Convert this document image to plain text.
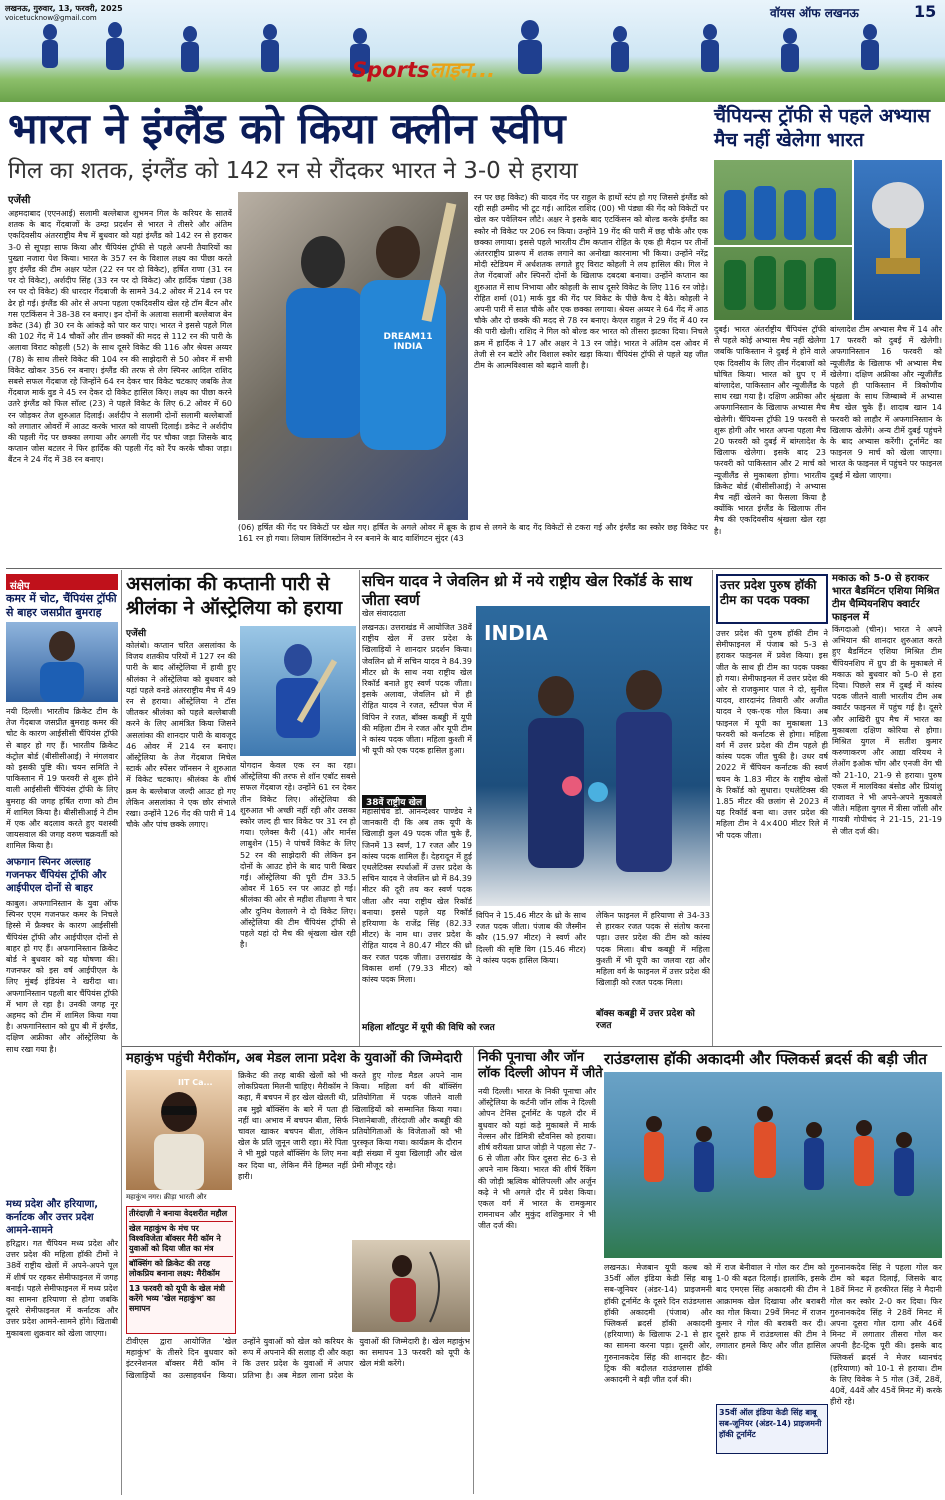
लखनऊ, गुरुवार, 13, फरवरी, 2025
voicetucknow@gmail.com	वॉयस ऑफ लखनऊ	15
Sportsलाइन...
भारत ने इंग्लैंड को किया क्लीन स्वीप
गिल का शतक, इंग्लैंड को 142 रन से रौंदकर भारत ने 3-0 से हराया
एजेंसी
अहमदाबाद (एएनआई) सलामी बल्लेबाज शुभमन गिल के करियर के सातवें शतक के बाद गेंदबाजों के उम्दा प्रदर्शन से भारत ने तीसरे और अंतिम एकदिवसीय अंतरराष्ट्रीय मैच में बुधवार को यहां इंग्लैंड को 142 रन से हराकर 3-0 से सूपड़ा साफ किया और चैंपियंस ट्रॉफी से पहले अपनी तैयारियों का पुख्ता नजारा पेश किया। भारत के 357 रन के विशाल लक्ष्य का पीछा करते हुए इंग्लैंड की टीम अक्षर पटेल (22 रन पर दो विकेट), हर्षित राणा (31 रन पर दो विकेट), अर्शदीप सिंह (33 रन पर दो विकेट) और हार्दिक पंड्या (38 रन पर दो विकेट) की धारदार गेंदबाजी के सामने 34.2 ओवर में 214 रन पर ढेर हो गई। इंग्लैंड की ओर से अपना पहला एकदिवसीय खेल रहे टॉम बैंटन और गस एटकिंसन ने 38-38 रन बनाए। इन दोनों के अलावा सलामी बल्लेबाज बेन डकेट (34) ही 30 रन के आंकड़े को पार कर पाए। भारत ने इससे पहले गिल की 102 गेंद में 14 चौकों और तीन छक्कों की मदद से 112 रन की पारी के अलावा विराट कोहली (52) के साथ दूसरे विकेट की 116 और श्रेयस अय्यर (78) के साथ तीसरे विकेट की 104 रन की साझेदारी से 50 ओवर में सभी विकेट खोकर 356 रन बनाए। इंग्लैंड की तरफ से लेग स्पिनर आदिल राशिद सबसे सफल गेंदबाज रहे जिन्होंने 64 रन देकर चार विकेट चटकाए जबकि तेज गेंदबाज मार्क वुड ने 45 रन देकर दो विकेट हासिल किए। लक्ष्य का पीछा करने उतरे इंग्लैंड को फिल सॉल्ट (23) ने पहले विकेट के लिए 6.2 ओवर में 60 रन जोड़कर तेज शुरुआत दिलाई। अर्शदीप ने सलामी दोनों सलामी बल्लेबाजों को लगातार ओवरों में आउट करके भारत को वापसी दिलाई। डकेट ने अर्शदीप की पहली गेंद पर छक्का लगाया और अगली गेंद पर चौका जड़ा जिसके बाद कप्तान जोस बटलर ने फिर हार्दिक की पहली गेंद को रैंप करके चौका जड़ा। बैंटन ने 24 गेंद में 38 रन बनाए।
DREAM11 INDIA
(06) हर्षित की गेंद पर विकेटों पर खेल गए। हर्षित के अगले ओवर में ब्रूक के हाथ से लगने के बाद गेंद विकेटों से टकरा गई और इंग्लैंड का स्कोर छह विकेट पर 161 रन हो गया। लियाम लिविंगस्टोन ने रन बनाने के बाद वाशिंगटन सुंदर (43
रन पर छह विकेट) की यादव गेंद पर राहुल के हाथों स्टंप हो गए जिससे इंग्लैंड को रही सही उम्मीद भी टूट गई। आदिल राशिद (00) भी पंड्या की गेंद को विकेटों पर खेल कर पवेलियन लौटे। अक्षर ने इसके बाद एटकिंसन को बोल्ड करके इंग्लैंड का स्कोर नौ विकेट पर 206 रन किया। उन्होंने 19 गेंद की पारी में छह चौके और एक छक्का लगाया। इससे पहले भारतीय टीम कप्तान रोहित के एक ही मैदान पर तीनों अंतरराष्ट्रीय प्रारूप में शतक लगाने का अनोखा कारनामा भी किया। उन्होंने नरेंद्र मोदी स्टेडियम में अर्धशतक लगाते हुए विराट कोहली ने लय हासिल की। गिल ने तेज गेंदबाजों और स्पिनरों दोनों के खिलाफ दबदबा बनाया। उन्होंने कप्तान का शुरुआत में साथ निभाया और कोहली के साथ दूसरे विकेट के लिए 116 रन जोड़े। रोहित शर्मा (01) मार्क वुड की गेंद पर विकेट के पीछे कैच दे बैठे। कोहली ने अपनी पारी में सात चौके और एक छक्का लगाया। श्रेयस अय्यर ने 64 गेंद में आठ चौके और दो छक्के की मदद से 78 रन बनाए। केएल राहुल ने 29 गेंद में 40 रन की पारी खेली। राशिद ने गिल को बोल्ड कर भारत को तीसरा झटका दिया। निचले क्रम में हार्दिक ने 17 और अक्षर ने 13 रन जोड़े। भारत ने अंतिम दस ओवर में तेजी से रन बटोरे और विशाल स्कोर खड़ा किया। चैंपियंस ट्रॉफी से पहले यह जीत टीम के आत्मविश्वास को बढ़ाने वाली है।
चैंपियन्स ट्रॉफी से पहले अभ्यास
मैच नहीं खेलेगा भारत
दुबई। भारत अंतर्राष्ट्रीय चैंपियंस ट्रॉफी से पहले कोई अभ्यास मैच नहीं खेलेगा जबकि पाकिस्तान ने दुबई मे होने वाले एक दिवसीय के लिए तीन गेंदबाजों को घोषित किया। भारत को ग्रुप ए में बांग्लादेश, पाकिस्तान और न्यूजीलैंड के साथ रखा गया है। दक्षिण अफ्रीका और अफगानिस्तान के खिलाफ अभ्यास मैच खेलेगी। चैंपियन्स ट्रॉफी 19 फरवरी से शुरू होगी और भारत अपना पहला मैच 20 फरवरी को दुबई में बांग्लादेश के खिलाफ खेलेगा। इसके बाद 23 फरवरी को पाकिस्तान और 2 मार्च को न्यूजीलैंड से मुकाबला होगा। भारतीय क्रिकेट बोर्ड (बीसीसीआई) ने अभ्यास मैच नहीं खेलने का फैसला किया है क्योंकि भारत इंग्लैंड के खिलाफ तीन मैच की एकदिवसीय श्रृंखला खेल रहा है।
बांग्लादेश टीम अभ्यास मैच में 14 और 17 फरवरी को दुबई में खेलेगी। अफगानिस्तान 16 फरवरी को न्यूजीलैंड के खिलाफ भी अभ्यास मैच खेलेगा। दक्षिण अफ्रीका और न्यूजीलैंड पहले ही पाकिस्तान में त्रिकोणीय श्रृंखला के साथ जिम्बाब्वे में अभ्यास मैच खेल चुके हैं। शादाब खान 14 फरवरी को लाहौर में अफगानिस्तान के खिलाफ खेलेंगे। अन्य टीमें दुबई पहुंचने के बाद अभ्यास करेंगी। टूर्नामेंट का फाइनल 9 मार्च को खेला जाएगा। भारत के फाइनल में पहुंचने पर फाइनल दुबई में खेला जाएगा।
संक्षेप
कमर में चोट, चैंपियंस ट्रॉफी से बाहर जसप्रीत बुमराह
नयी दिल्ली। भारतीय क्रिकेट टीम के तेज गेंदबाज जसप्रीत बुमराह कमर की चोट के कारण आईसीसी चैंपियंस ट्रॉफी से बाहर हो गए हैं। भारतीय क्रिकेट कंट्रोल बोर्ड (बीसीसीआई) ने मंगलवार को इसकी पुष्टि की। चयन समिति ने पाकिस्तान में 19 फरवरी से शुरू होने वाली आईसीसी चैंपियंस ट्रॉफी के लिए बुमराह की जगह हर्षित राणा को टीम में शामिल किया है। बीसीसीआई ने टीम में एक और बदलाव करते हुए यशस्वी जायसवाल की जगह वरुण चक्रवर्ती को शामिल किया है।
अफगान स्पिनर अल्लाह गजनफर चैंपियंस ट्रॉफी और आईपीएल दोनों से बाहर
काबुल। अफगानिस्तान के युवा ऑफ स्पिनर एएम गजनफर कमर के निचले हिस्से में फ्रैक्चर के कारण आईसीसी चैंपियंस ट्रॉफी और आईपीएल दोनों से बाहर हो गए हैं। अफगानिस्तान क्रिकेट बोर्ड ने बुधवार को यह घोषणा की। गजनफर को इस वर्ष आईपीएल के लिए मुंबई इंडियंस ने खरीदा था। अफगानिस्तान पहली बार चैंपियंस ट्रॉफी में भाग ले रहा है। उनकी जगह नूर अहमद को टीम में शामिल किया गया है। अफगानिस्तान को ग्रुप बी में इंग्लैंड, दक्षिण अफ्रीका और ऑस्ट्रेलिया के साथ रखा गया है।
मध्य प्रदेश और हरियाणा, कर्नाटक और उत्तर प्रदेश आमने-सामने
हरिद्वार। गत चैंपियन मध्य प्रदेश और उत्तर प्रदेश की महिला हॉकी टीमों ने 38वें राष्ट्रीय खेलों में अपने-अपने पूल में शीर्ष पर रहकर सेमीफाइनल में जगह बनाई। पहले सेमीफाइनल में मध्य प्रदेश का सामना हरियाणा से होगा जबकि दूसरे सेमीफाइनल में कर्नाटक और उत्तर प्रदेश आमने-सामने होंगे। खिताबी मुकाबला शुक्रवार को खेला जाएगा।
असलांका की कप्तानी पारी से
श्रीलंका ने ऑस्ट्रेलिया को हराया
एजेंसी
कोलंबो। कप्तान चरित असलांका के विजय शतकीय परियों में 127 रन की पारी के बाद ऑस्ट्रेलिया में हावी हुए श्रीलंका ने ऑस्ट्रेलिया को बुधवार को यहां पहले वनडे अंतरराष्ट्रीय मैच में 49 रन से हराया। ऑस्ट्रेलिया ने टॉस जीतकर श्रीलंका को पहले बल्लेबाजी करने के लिए आमंत्रित किया जिसने असलांका की शानदार पारी के बावजूद 46 ओवर में 214 रन बनाए। ऑस्ट्रेलिया के तेज गेंदबाज मिचेल स्टार्क और स्पेंसर जॉनसन ने शुरुआत में विकेट चटकाए। श्रीलंका के शीर्ष क्रम के बल्लेबाज जल्दी आउट हो गए लेकिन असलांका ने एक छोर संभाले रखा। उन्होंने 126 गेंद की पारी में 14 चौके और पांच छक्के लगाए।
योगदान केवल एक रन का रहा। ऑस्ट्रेलिया की तरफ से शॉन एबॉट सबसे सफल गेंदबाज रहे। उन्होंने 61 रन देकर तीन विकेट लिए। ऑस्ट्रेलिया की शुरुआत भी अच्छी नहीं रही और उसका स्कोर जल्द ही चार विकेट पर 31 रन हो गया। एलेक्स कैरी (41) और मार्नस लाबुशेन (15) ने पांचवें विकेट के लिए 52 रन की साझेदारी की लेकिन इन दोनों के आउट होने के बाद पारी बिखर गई। ऑस्ट्रेलिया की पूरी टीम 33.5 ओवर में 165 रन पर आउट हो गई। श्रीलंका की ओर से महीश तीक्षणा ने चार और दुनिथ वेलालगे ने दो विकेट लिए। ऑस्ट्रेलिया की टीम चैंपियंस ट्रॉफी से पहले यहां दो मैच की श्रृंखला खेल रही है।
सचिन यादव ने जेवलिन थ्रो में नये राष्ट्रीय खेल रिकॉर्ड के साथ जीता स्वर्ण
खेल संवाददाता
लखनऊ। उत्तराखंड में आयोजित 38वें राष्ट्रीय खेल में उत्तर प्रदेश के खिलाड़ियों ने शानदार प्रदर्शन किया। जेवलिन थ्रो में सचिन यादव ने 84.39 मीटर थ्रो के साथ नया राष्ट्रीय खेल रिकॉर्ड बनाते हुए स्वर्ण पदक जीता। इसके अलावा, जेवलिन थ्रो में ही रोहित यादव ने रजत, स्टीपल चेज में विपिन ने रजत, बॉक्स कबड्डी में यूपी की महिला टीम ने रजत और यूपी टीम ने कांस्य पदक जीता। महिला कुश्ती में भी यूपी को एक पदक हासिल हुआ।
38वें राष्ट्रीय खेल
महासचिव डॉ. आनन्देश्वर पाण्डेय ने जानकारी दी कि अब तक यूपी के खिलाड़ी कुल 49 पदक जीत चुके हैं, जिनमें 13 स्वर्ण, 17 रजत और 19 कांस्य पदक शामिल हैं। देहरादून में हुई एथलेटिक्स स्पर्धाओं में उत्तर प्रदेश के सचिन यादव ने जेवलिन थ्रो में 84.39 मीटर की दूरी तय कर स्वर्ण पदक जीता और नया राष्ट्रीय खेल रिकॉर्ड बनाया। इससे पहले यह रिकॉर्ड हरियाणा के राजेंद्र सिंह (82.33 मीटर) के नाम था। उत्तर प्रदेश के रोहित यादव ने 80.47 मीटर की थ्रो कर रजत पदक जीता। उत्तराखंड के विकास शर्मा (79.33 मीटर) को कांस्य पदक मिला।
महिला शॉटपुट में यूपी की विधि को रजत
INDIA
विपिन ने 15.46 मीटर के थ्रो के साथ रजत पदक जीता। पंजाब की जैस्मीन कौर (15.97 मीटर) ने स्वर्ण और दिल्ली की सृष्टि विग (15.46 मीटर) ने कांस्य पदक हासिल किया।
बॉक्स कबड्डी में उत्तर प्रदेश को रजत
लेकिन फाइनल में हरियाणा से 34-33 से हारकर रजत पदक से संतोष करना पड़ा। उत्तर प्रदेश की टीम को कांस्य पदक मिला। बीच कबड्डी में महिला कुश्ती में भी यूपी का जलवा रहा और महिला वर्ग के फाइनल में उत्तर प्रदेश की खिलाड़ी को रजत पदक मिला।
उत्तर प्रदेश पुरुष हॉकी
टीम का पदक पक्का
उत्तर प्रदेश की पुरुष हॉकी टीम ने सेमीफाइनल में पंजाब को 5-3 से हराकर फाइनल में प्रवेश किया। इस जीत के साथ ही टीम का पदक पक्का हो गया। सेमीफाइनल में उत्तर प्रदेश की ओर से राजकुमार पाल ने दो, सुनील यादव, शारदानंद तिवारी और अजीत यादव ने एक-एक गोल किया। अब फाइनल में यूपी का मुकाबला 13 फरवरी को कर्नाटक से होगा। महिला वर्ग में उत्तर प्रदेश की टीम पहले ही कांस्य पदक जीत चुकी है। उधर वर्ष 2022 में चैंपियन कर्नाटक की स्वर्ण चयन के 1.83 मीटर के राष्ट्रीय खेलों के रिकॉर्ड को सुधारा। एथलेटिक्स की 1.85 मीटर की छलांग से 2023 में यह रिकॉर्ड बना था। उत्तर प्रदेश की महिला टीम ने 4×400 मीटर रिले में भी पदक जीता।
मकाऊ को 5-0 से हराकर भारत बैडमिंटन एशिया मिश्रित टीम चैम्पियनशिप क्वार्टर फाइनल में
किंगदाओ (चीन)। भारत ने अपने अभियान की शानदार शुरुआत करते हुए बैडमिंटन एशिया मिश्रित टीम चैंपियनशिप में ग्रुप डी के मुकाबले में मकाऊ को बुधवार को 5-0 से हरा दिया। पिछले सत्र में दुबई में कांस्य पदक जीतने वाली भारतीय टीम अब क्वार्टर फाइनल में पहुंच गई है। दूसरे और आखिरी ग्रुप मैच में भारत का मुकाबला दक्षिण कोरिया से होगा। मिश्रित युगल में सतीश कुमार करुणाकरण और आद्या वरियथ ने लेओंग इओक चोंग और एनजी वेंग ची को 21-10, 21-9 से हराया। पुरुष एकल में मालविका बंसोड और प्रियांशु राजावत ने भी अपने-अपने मुकाबले जीते। महिला युगल में त्रीसा जॉली और गायत्री गोपीचंद ने 21-15, 21-19 से जीत दर्ज की।
महाकुंभ पहुंची मैरीकॉम, अब मेडल लाना प्रदेश के युवाओं की जिम्मेदारी
IIT Ca...
महाकुंभ नगर। क्रीड़ा भारती और
तीरंदाज़ी ने बनाया वेदशरीत महौल
खेल महाकुंभ के मंच पर विश्वविजेता बॉक्सर मैरी कॉम ने युवाओं को दिया जीत का मंत्र
बॉक्सिंग को क्रिकेट की तरह लोकप्रिय बनाना लक्ष्य: मैरीकॉम
13 फरवरी को यूपी के खेल मंत्री करेंगे भव्य 'खेल महाकुंभ' का समापन
क्रिकेट की तरह बाकी खेलों को भी लोकप्रियता मिलनी चाहिए। मैरीकॉम ने कहा, मैं बचपन में हर खेल खेलती थी, तब मुझे बॉक्सिंग के बारे में पता ही नहीं था। अभाव में बचपन बीता, सिर्फ चावल खाकर बचपन बीता, लेकिन खेल के प्रति जुनून जारी रहा। मेरे पिता ने भी मुझे पहले बॉक्सिंग के लिए मना कर दिया था, लेकिन मैंने हिम्मत नहीं हारी।
करते हुए गोल्ड मैडल अपने नाम किया। महिला वर्ग की बॉक्सिंग प्रतियोगिता में पदक जीतने वाली खिलाड़ियों को सम्मानित किया गया। निशानेबाजी, तीरंदाजी और कबड्डी की प्रतियोगिताओं के विजेताओं को भी पुरस्कृत किया गया। कार्यक्रम के दौरान बड़ी संख्या में युवा खिलाड़ी और खेल प्रेमी मौजूद रहे।
टीवीएस द्वारा आयोजित 'खेल महाकुंभ' के तीसरे दिन बुधवार को इंटरनेशनल बॉक्सर मैरी कॉम ने खिलाड़ियों का उत्साहवर्धन किया। उन्होंने युवाओं को खेल को करियर के रूप में अपनाने की सलाह दी और कहा कि उत्तर प्रदेश के युवाओं में अपार प्रतिभा है। अब मेडल लाना प्रदेश के युवाओं की जिम्मेदारी है। खेल महाकुंभ का समापन 13 फरवरी को यूपी के खेल मंत्री करेंगे।
निकी पूनाचा और जॉन
लॉक दिल्ली ओपन में जीते
नयी दिल्ली। भारत के निकी पूनाचा और ऑस्ट्रेलिया के कर्टनी जॉन लॉक ने दिल्ली ओपन टेनिस टूर्नामेंट के पहले दौर में बुधवार को यहां कड़े मुकाबले में मार्क नेल्सन और डिमित्री स्टैवनिस को हराया। शीर्ष वरीयता प्राप्त जोड़ी ने पहला सेट 7-6 से जीता और फिर दूसरा सेट 6-3 से अपने नाम किया। भारत की शीर्ष रैंकिंग की जोड़ी ऋत्विक बोलिपल्ली और अर्जुन कढ़े ने भी अगले दौर में प्रवेश किया। एकल वर्ग में भारत के रामकुमार रामनाथन और मुकुंद शशिकुमार ने भी जीत दर्ज की।
राउंडग्लास हॉकी अकादमी और फ्लिकर्स ब्रदर्स की बड़ी जीत
लखनऊ। मेजबान यूपी कल्ब को 35वीं ऑल इंडिया केडी सिंह बाबू सब-जूनियर (अंडर-14) प्राइजमनी हॉकी टूर्नामेंट के दूसरे दिन राउंडग्लास हॉकी अकादमी (पंजाब) और फ्लिकर्स ब्रदर्स हॉकी अकादमी (हरियाणा) के खिलाफ 2-1 से हार का सामना करना पड़ा। दूसरी ओर, गुरुनानकदेव सिंह की शानदार हैट-ट्रिक की बदौलत राउंडग्लास हॉकी अकादमी ने बड़ी जीत दर्ज की।
में राज बेनीवाल ने गोल कर टीम को 1-0 की बढ़त दिलाई। हालांकि, इसके बाद एमएस सिंह अकादमी की टीम ने आक्रामक खेल दिखाया और बराबरी का गोल किया। 29वें मिनट में राजन कुमार ने गोल की बराबरी कर दी। दूसरे हाफ में राउंडग्लास की टीम ने लगातार हमले किए और जीत हासिल की।
35वीं ऑल इंडिया केडी सिंह बाबू सब-जूनियर (अंडर-14) प्राइजमनी हॉकी टूर्नामेंट
गुरुनानकदेव सिंह ने पहला गोल कर टीम को बढ़त दिलाई, जिसके बाद 18वें मिनट में हरकीरत सिंह ने मैदानी गोल कर स्कोर 2-0 कर दिया। फिर गुरुनानकदेव सिंह ने 28वें मिनट में अपना दूसरा गोल दागा और 46वें मिनट में लगातार तीसरा गोल कर अपनी हैट-ट्रिक पूरी की। इसके बाद फ्लिकर्स ब्रदर्स ने मेजर ध्यानचंद (हरियाणा) को 10-1 से हराया। टीम के लिए विवेक ने 5 गोल (3वें, 28वें, 40वें, 44वें और 45वें मिनट में) करके हीरो रहे।
